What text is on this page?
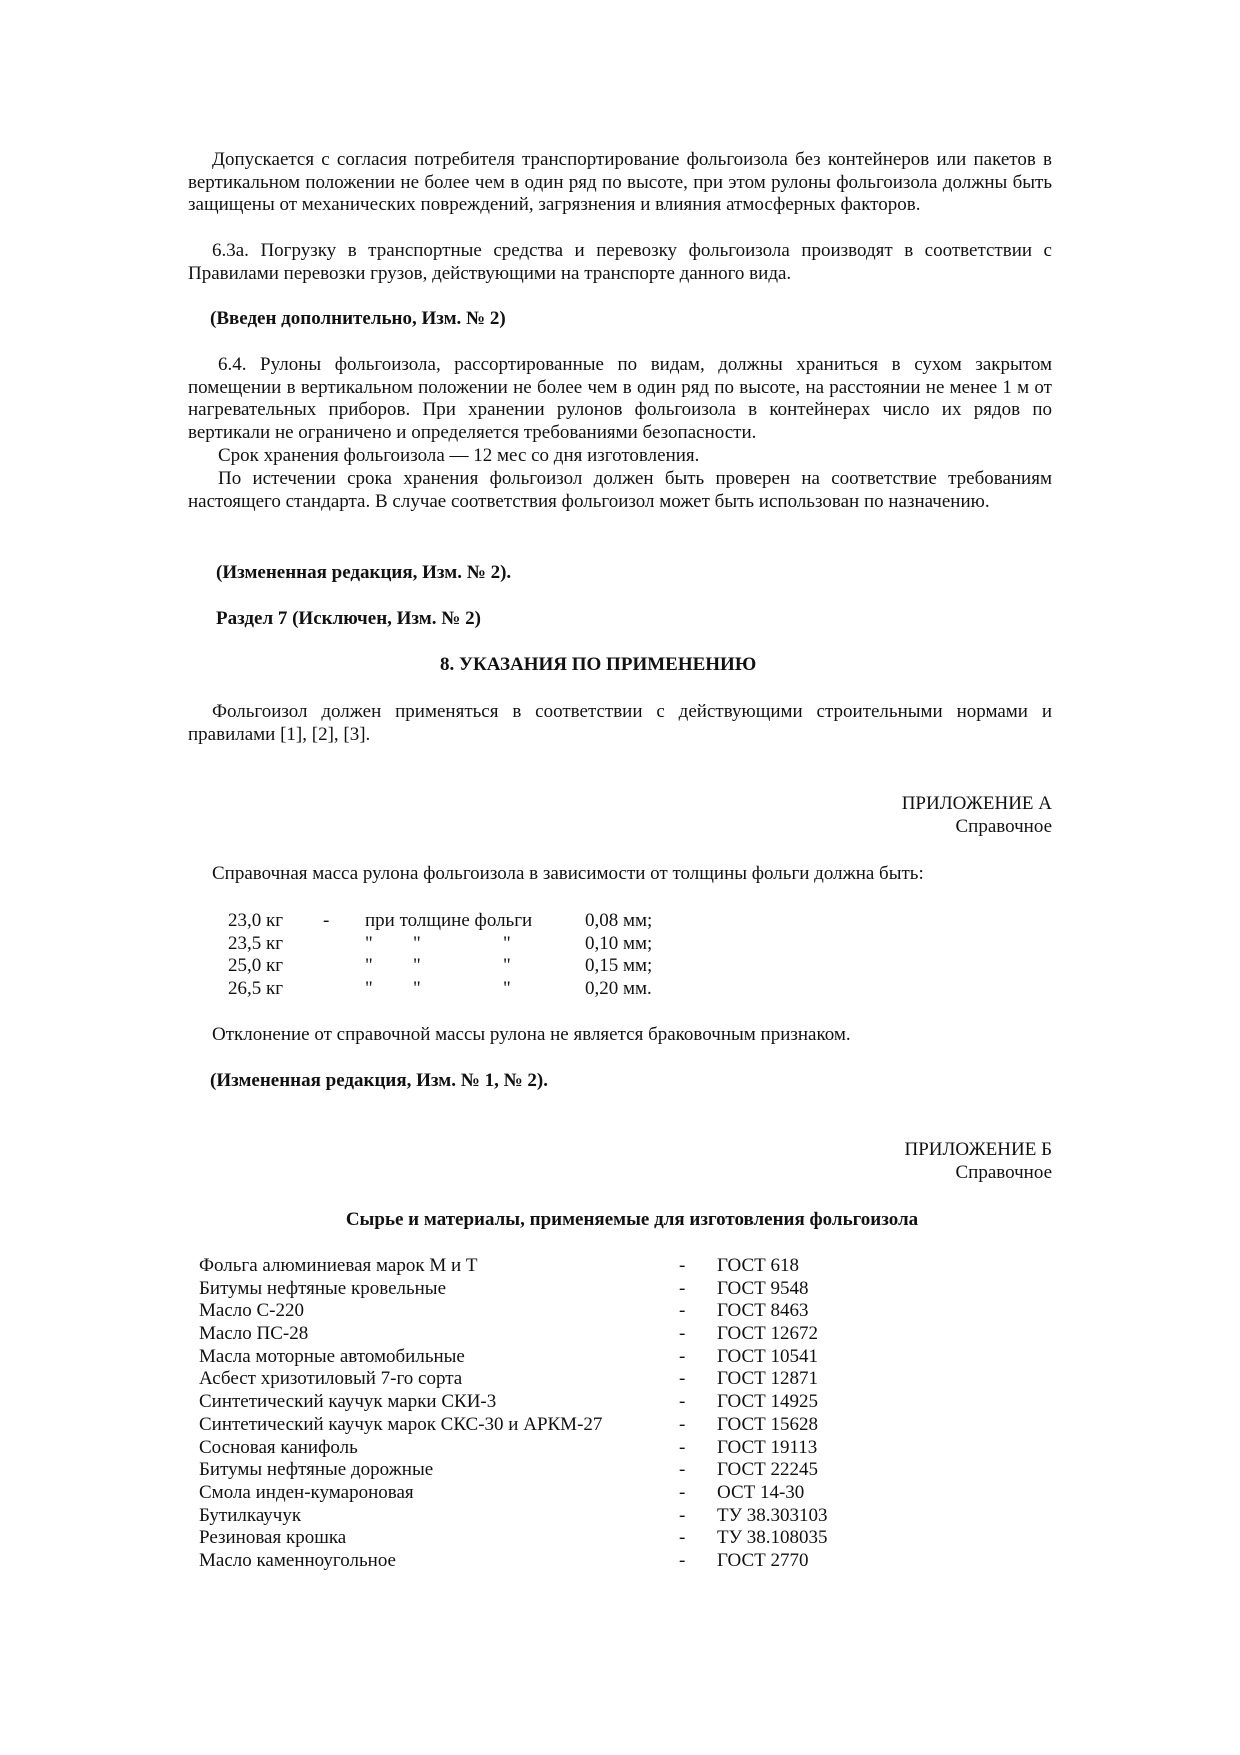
Допускается с согласия потребителя транспортирование фольгоизола без контейнеров или пакетов в вертикальном положении не более чем в один ряд по высоте, при этом рулоны фольгоизола должны быть защищены от механических повреждений, загрязнения и влияния атмосферных факторов.

6.3а. Погрузку в транспортные средства и перевозку фольгоизола производят в соответствии с Правилами перевозки грузов, действующими на транспорте данного вида.

(Введен дополнительно, Изм. № 2)

6.4. Рулоны фольгоизола, рассортированные по видам, должны храниться в сухом закрытом помещении в вертикальном положении не более чем в один ряд по высоте, на расстоянии не менее 1 м от нагревательных приборов. При хранении рулонов фольгоизола в контейнерах число их рядов по вертикали не ограничено и определяется требованиями безопасности.

Срок хранения фольгоизола — 12 мес со дня изготовления.

По истечении срока хранения фольгоизол должен быть проверен на соответствие требованиям настоящего стандарта. В случае соответствия фольгоизол может быть использован по назначению.

(Измененная редакция, Изм. № 2).

Раздел 7 (Исключен, Изм. № 2)

8. УКАЗАНИЯ ПО ПРИМЕНЕНИЮ

Фольгоизол должен применяться в соответствии с действующими строительными нормами и правилами [1], [2], [3].

ПРИЛОЖЕНИЕ А

Справочное

Справочная масса рулона фольгоизола в зависимости от толщины фольги должна быть:

23,0 кг	-	при толщине фольги	0,08 мм;
23,5 кг	"	"	"	0,10 мм;
25,0 кг	"	"	"	0,15 мм;
26,5 кг	"	"	"	0,20 мм.

Отклонение от справочной массы рулона не является браковочным признаком.

(Измененная редакция, Изм. № 1, № 2).

ПРИЛОЖЕНИЕ Б

Справочное

Сырье и материалы, применяемые для изготовления фольгоизола

Фольга алюминиевая марок М и Т	-	ГОСТ 618
Битумы нефтяные кровельные	-	ГОСТ 9548
Масло С-220	-	ГОСТ 8463
Масло ПС-28	-	ГОСТ 12672
Масла моторные автомобильные	-	ГОСТ 10541
Асбест хризотиловый 7-го сорта	-	ГОСТ 12871
Синтетический каучук марки СКИ-3	-	ГОСТ 14925
Синтетический каучук марок СКС-30 и АРКМ-27	-	ГОСТ 15628
Сосновая канифоль	-	ГОСТ 19113
Битумы нефтяные дорожные	-	ГОСТ 22245
Смола инден-кумароновая	-	ОСТ 14-30
Бутилкаучук	-	ТУ 38.303103
Резиновая крошка	-	ТУ 38.108035
Масло каменноугольное	-	ГОСТ 2770
